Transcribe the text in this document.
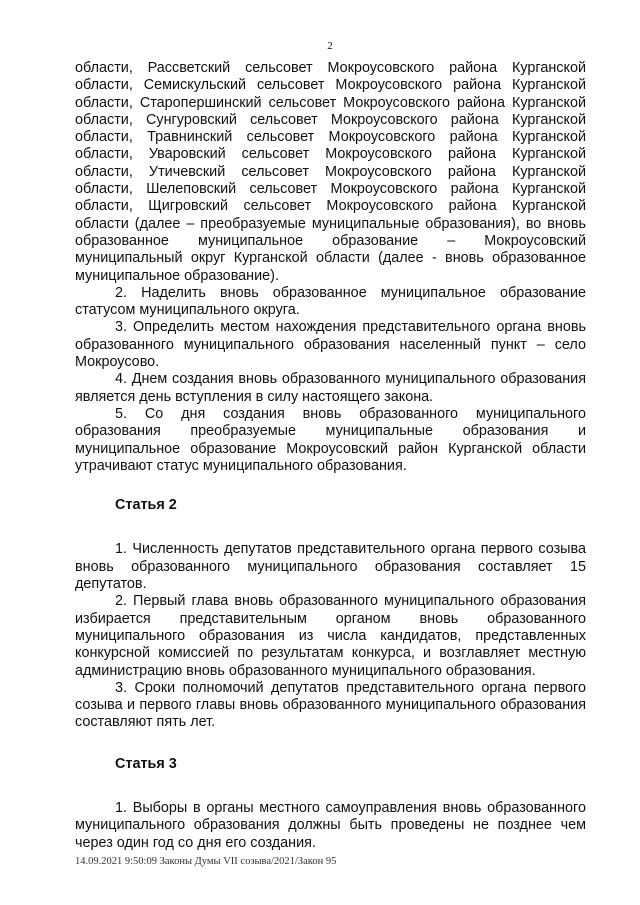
2

области, Рассветский сельсовет Мокроусовского района Курганской области, Семискульский сельсовет Мокроусовского района Курганской области, Старопершинский сельсовет Мокроусовского района Курганской области, Сунгуровский сельсовет Мокроусовского района Курганской области, Травнинский сельсовет Мокроусовского района Курганской области, Уваровский сельсовет Мокроусовского района Курганской области, Утичевский сельсовет Мокроусовского района Курганской области, Шелеповский сельсовет Мокроусовского района Курганской области, Щигровский сельсовет Мокроусовского района Курганской области (далее – преобразуемые муниципальные образования), во вновь образованное муниципальное образование – Мокроусовский муниципальный округ Курганской области (далее - вновь образованное муниципальное образование).

2. Наделить вновь образованное муниципальное образование статусом муниципального округа.

3. Определить местом нахождения представительного органа вновь образованного муниципального образования населенный пункт – село Мокроусово.

4. Днем создания вновь образованного муниципального образования является день вступления в силу настоящего закона.

5. Со дня создания вновь образованного муниципального образования преобразуемые муниципальные образования и муниципальное образование Мокроусовский район Курганской области утрачивают статус муниципального образования.

Статья 2

1. Численность депутатов представительного органа первого созыва вновь образованного муниципального образования составляет 15 депутатов.

2. Первый глава вновь образованного муниципального образования избирается представительным органом вновь образованного муниципального образования из числа кандидатов, представленных конкурсной комиссией по результатам конкурса, и возглавляет местную администрацию вновь образованного муниципального образования.

3. Сроки полномочий депутатов представительного органа первого созыва и первого главы вновь образованного муниципального образования составляют пять лет.

Статья 3

1. Выборы в органы местного самоуправления вновь образованного муниципального образования должны быть проведены не позднее чем через один год со дня его создания.

14.09.2021 9:50:09 Законы Думы VII созыва/2021/Закон 95
